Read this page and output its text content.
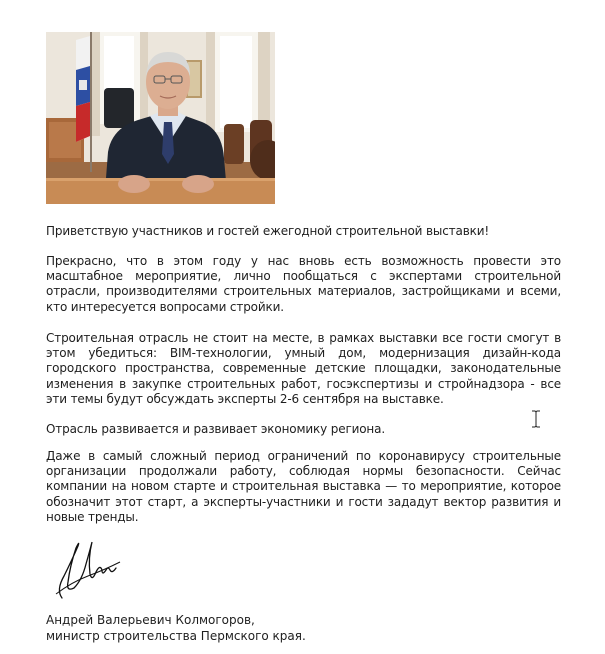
Приветствую участников и гостей ежегодной строительной выставки!

Прекрасно, что в этом году у нас вновь есть возможность провести это масштабное мероприятие, лично пообщаться с экспертами строительной отрасли, производителями строительных материалов, застройщиками и всеми, кто интересуется вопросами стройки.

Строительная отрасль не стоит на месте, в рамках выставки все гости смогут в этом убедиться: BIM-технологии, умный дом, модернизация дизайн-кода городского пространства, современные детские площадки, законодательные изменения в закупке строительных работ, госэкспертизы и стройнадзора - все эти темы будут обсуждать эксперты 2-6 сентября на выставке.

Отрасль развивается и развивает экономику региона.

Даже в самый сложный период ограничений по коронавирусу строительные организации продолжали работу, соблюдая нормы безопасности. Сейчас компании на новом старте и строительная выставка — то мероприятие, которое обозначит этот старт, а эксперты-участники и гости зададут вектор развития и новые тренды.

Андрей Валерьевич Колмогоров,
министр строительства Пермского края.
